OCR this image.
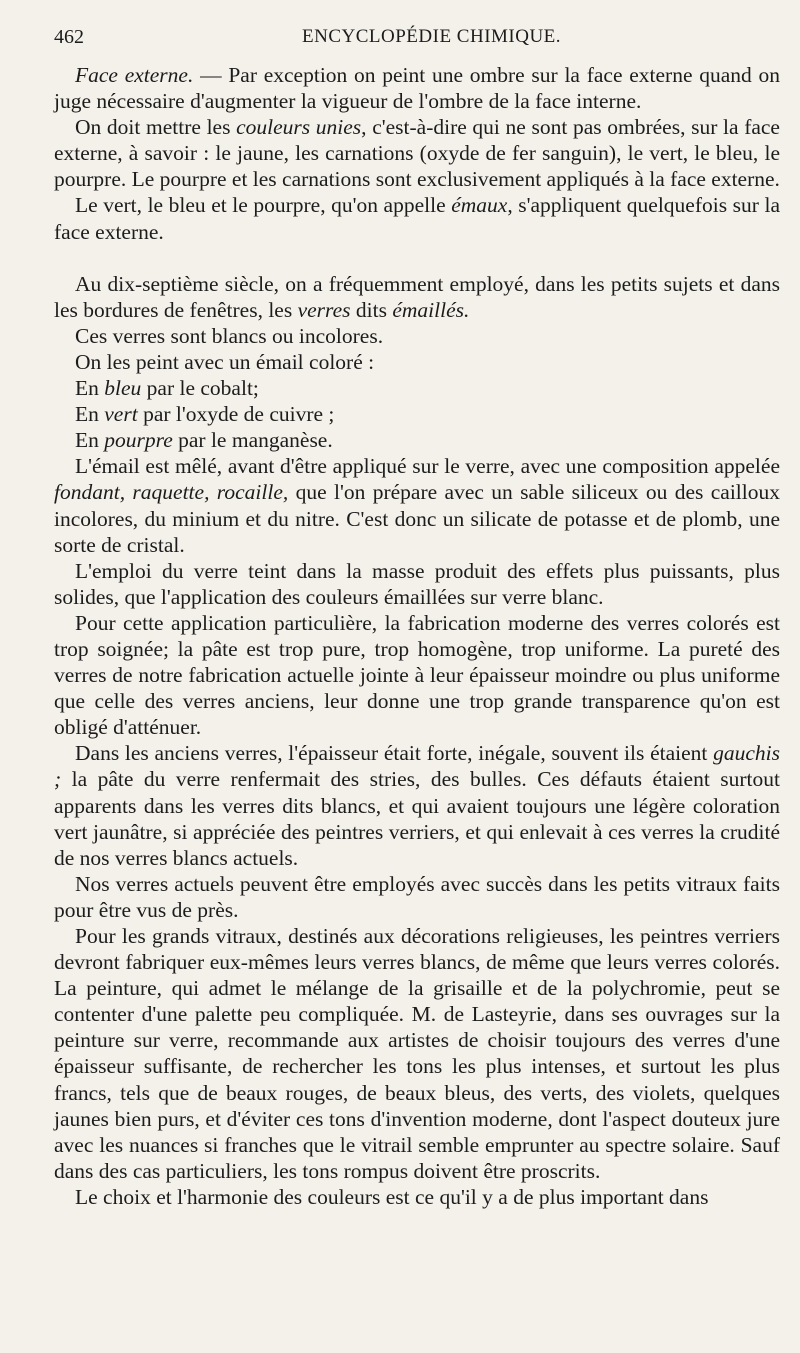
462	ENCYCLOPÉDIE CHIMIQUE.

Face externe. — Par exception on peint une ombre sur la face externe quand on juge nécessaire d'augmenter la vigueur de l'ombre de la face interne.

On doit mettre les couleurs unies, c'est-à-dire qui ne sont pas ombrées, sur la face externe, à savoir : le jaune, les carnations (oxyde de fer sanguin), le vert, le bleu, le pourpre. Le pourpre et les carnations sont exclusivement appliqués à la face externe.

Le vert, le bleu et le pourpre, qu'on appelle émaux, s'appliquent quelquefois sur la face externe.

Au dix-septième siècle, on a fréquemment employé, dans les petits sujets et dans les bordures de fenêtres, les verres dits émaillés.

Ces verres sont blancs ou incolores.

On les peint avec un émail coloré :

En bleu par le cobalt;

En vert par l'oxyde de cuivre ;

En pourpre par le manganèse.

L'émail est mêlé, avant d'être appliqué sur le verre, avec une composition appelée fondant, raquette, rocaille, que l'on prépare avec un sable siliceux ou des cailloux incolores, du minium et du nitre. C'est donc un silicate de potasse et de plomb, une sorte de cristal.

L'emploi du verre teint dans la masse produit des effets plus puissants, plus solides, que l'application des couleurs émaillées sur verre blanc.

Pour cette application particulière, la fabrication moderne des verres colorés est trop soignée; la pâte est trop pure, trop homogène, trop uniforme. La pureté des verres de notre fabrication actuelle jointe à leur épaisseur moindre ou plus uniforme que celle des verres anciens, leur donne une trop grande transparence qu'on est obligé d'atténuer.

Dans les anciens verres, l'épaisseur était forte, inégale, souvent ils étaient gauchis ; la pâte du verre renfermait des stries, des bulles. Ces défauts étaient surtout apparents dans les verres dits blancs, et qui avaient toujours une légère coloration vert jaunâtre, si appréciée des peintres verriers, et qui enlevait à ces verres la crudité de nos verres blancs actuels.

Nos verres actuels peuvent être employés avec succès dans les petits vitraux faits pour être vus de près.

Pour les grands vitraux, destinés aux décorations religieuses, les peintres verriers devront fabriquer eux-mêmes leurs verres blancs, de même que leurs verres colorés. La peinture, qui admet le mélange de la grisaille et de la polychromie, peut se contenter d'une palette peu compliquée. M. de Lasteyrie, dans ses ouvrages sur la peinture sur verre, recommande aux artistes de choisir toujours des verres d'une épaisseur suffisante, de rechercher les tons les plus intenses, et surtout les plus francs, tels que de beaux rouges, de beaux bleus, des verts, des violets, quelques jaunes bien purs, et d'éviter ces tons d'invention moderne, dont l'aspect douteux jure avec les nuances si franches que le vitrail semble emprunter au spectre solaire. Sauf dans des cas particuliers, les tons rompus doivent être proscrits.

Le choix et l'harmonie des couleurs est ce qu'il y a de plus important dans
